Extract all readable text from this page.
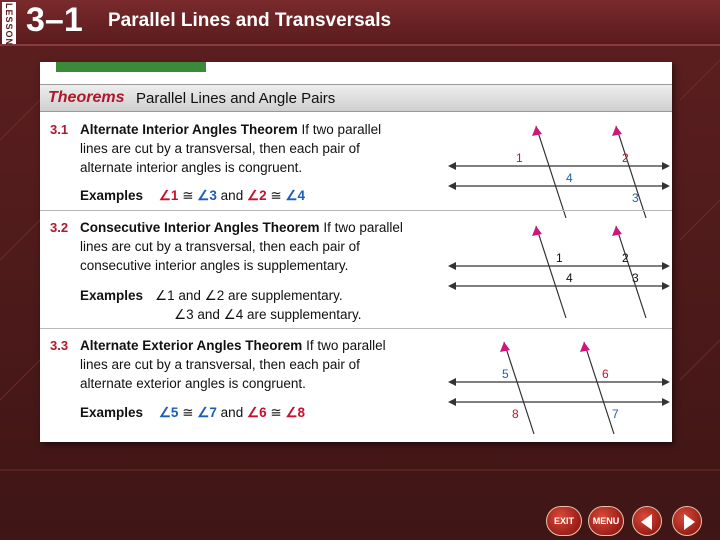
LESSON 3–1 Parallel Lines and Transversals
Theorems Parallel Lines and Angle Pairs
3.1 Alternate Interior Angles Theorem If two parallel lines are cut by a transversal, then each pair of alternate interior angles is congruent.
Examples ∠1 ≅ ∠3 and ∠2 ≅ ∠4
1	2
4
3
3.2 Consecutive Interior Angles Theorem If two parallel lines are cut by a transversal, then each pair of consecutive interior angles is supplementary.
Examples ∠1 and ∠2 are supplementary.
∠3 and ∠4 are supplementary.
1	2
4	3
3.3 Alternate Exterior Angles Theorem If two parallel lines are cut by a transversal, then each pair of alternate exterior angles is congruent.
Examples ∠5 ≅ ∠7 and ∠6 ≅ ∠8
5	6
8	7
EXIT	MENU
